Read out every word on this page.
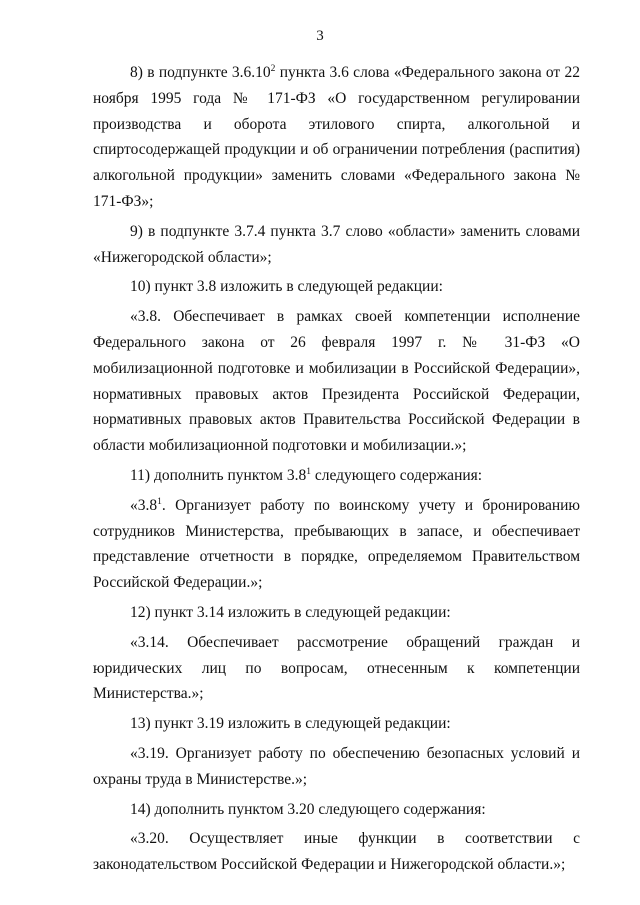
3

8) в подпункте 3.6.10$^2$ пункта 3.6 слова «Федерального закона от 22 ноября 1995 года № 171-ФЗ «О государственном регулировании производства и оборота этилового спирта, алкогольной и спиртосодержащей продукции и об ограничении потребления (распития) алкогольной продукции» заменить словами «Федерального закона № 171-ФЗ»;

9) в подпункте 3.7.4 пункта 3.7 слово «области» заменить словами «Нижегородской области»;

10) пункт 3.8 изложить в следующей редакции:

«3.8. Обеспечивает в рамках своей компетенции исполнение Федерального закона от 26 февраля 1997 г. № 31-ФЗ «О мобилизационной подготовке и мобилизации в Российской Федерации», нормативных правовых актов Президента Российской Федерации, нормативных правовых актов Правительства Российской Федерации в области мобилизационной подготовки и мобилизации.»;

11) дополнить пунктом $3.8^1$ следующего содержания:

«$3.8^1$. Организует работу по воинскому учету и бронированию сотрудников Министерства, пребывающих в запасе, и обеспечивает представление отчетности в порядке, определяемом Правительством Российской Федерации.»;

12) пункт 3.14 изложить в следующей редакции:

«3.14. Обеспечивает рассмотрение обращений граждан и юридических лиц по вопросам, отнесенным к компетенции Министерства.»;

13) пункт 3.19 изложить в следующей редакции:

«3.19. Организует работу по обеспечению безопасных условий и охраны труда в Министерстве.»;

14) дополнить пунктом 3.20 следующего содержания:

«3.20. Осуществляет иные функции в соответствии с законодательством Российской Федерации и Нижегородской области.»;
